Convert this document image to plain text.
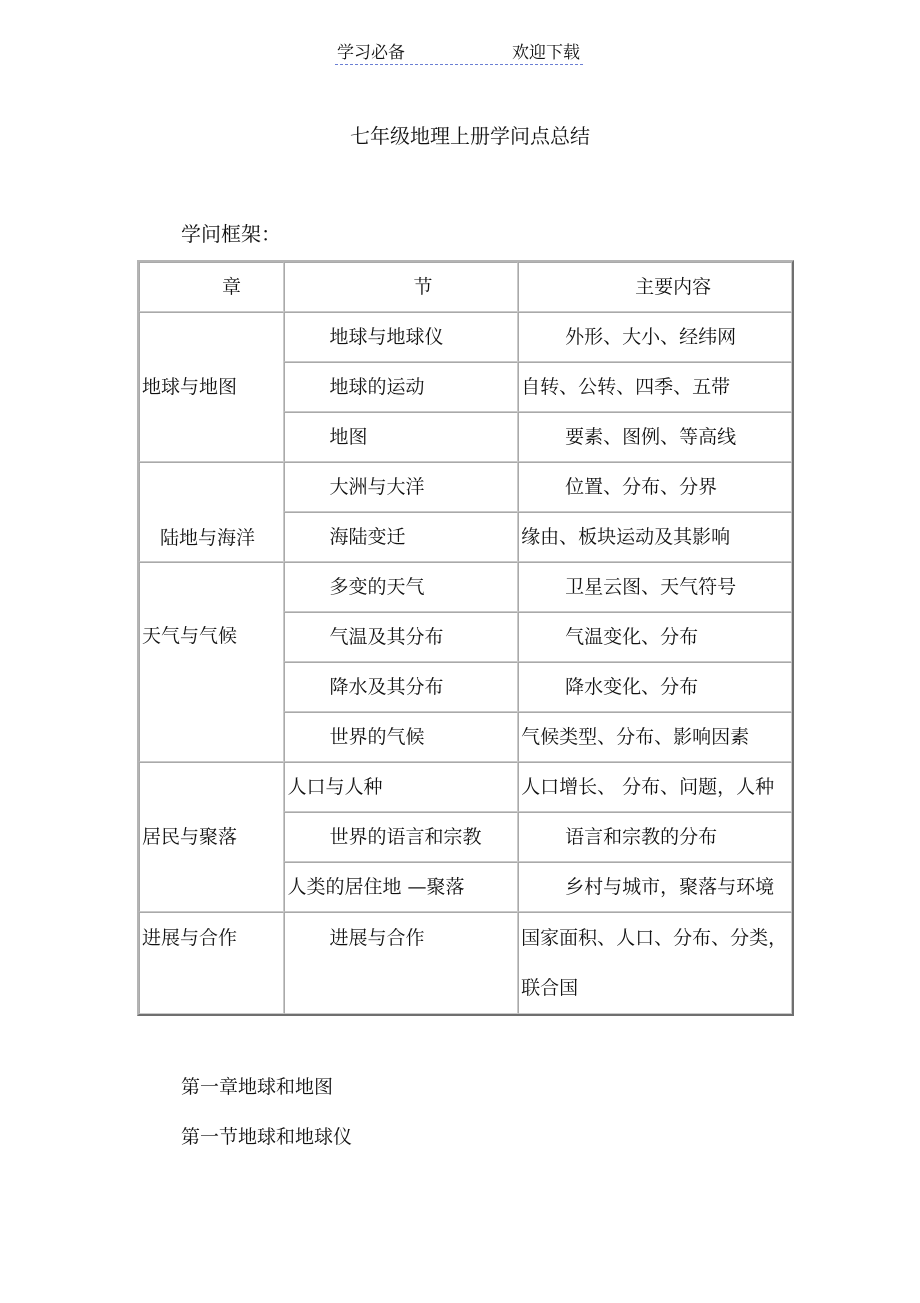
学习必备	欢迎下载
七年级地理上册学问点总结
学问框架：
章	节	主要内容
地球与地图	地球与地球仪	外形、大小、经纬网
	地球的运动	自转、公转、四季、五带
	地图	要素、图例、等高线
陆地与海洋	大洲与大洋	位置、分布、分界
	海陆变迁	缘由、板块运动及其影响
天气与气候	多变的天气	卫星云图、天气符号
	气温及其分布	气温变化、分布
	降水及其分布	降水变化、分布
	世界的气候	气候类型、分布、影响因素
居民与聚落	人口与人种	人口增长、 分布、问题，人种
	世界的语言和宗教	语言和宗教的分布
	人类的居住地 —聚落	乡村与城市，聚落与环境
进展与合作	进展与合作	国家面积、人口、分布、分类，联合国
第一章地球和地图
第一节地球和地球仪
